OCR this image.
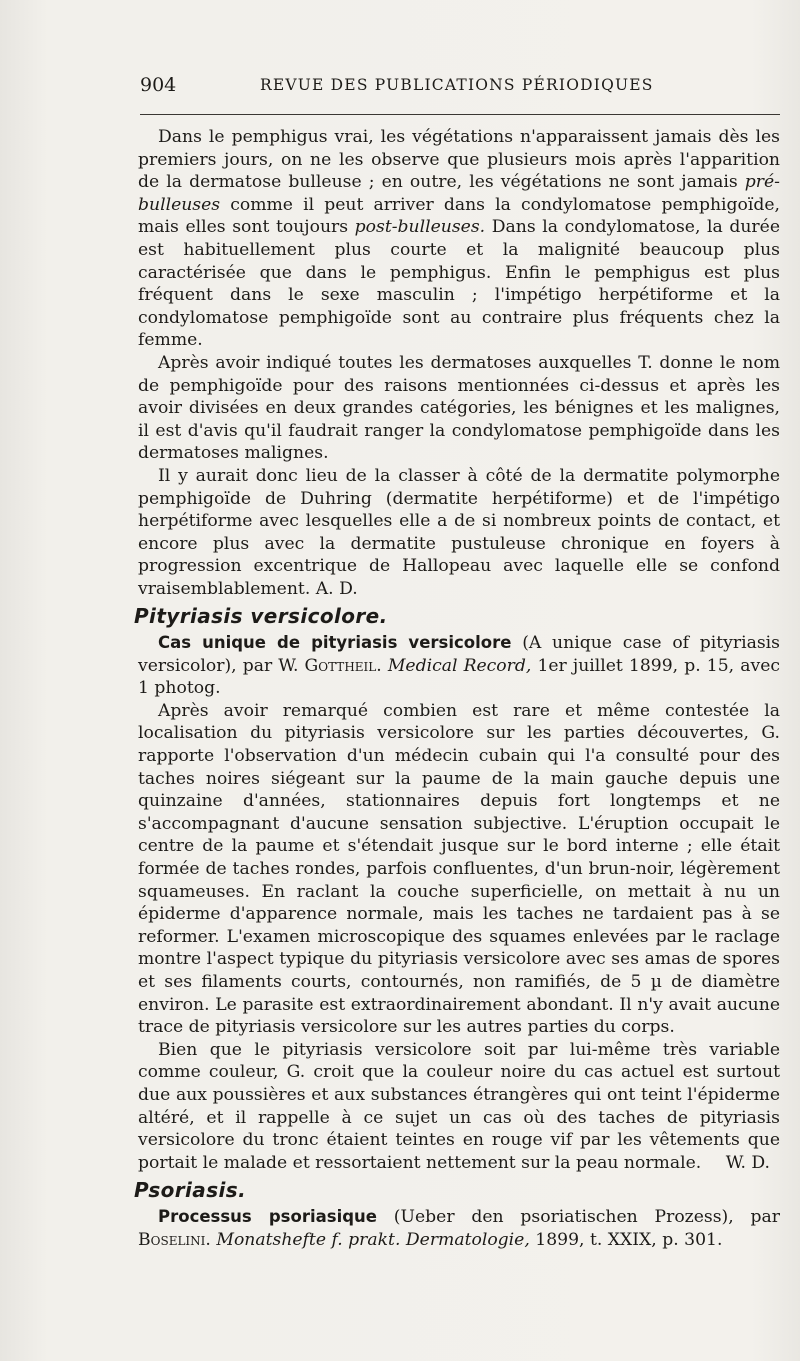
904	REVUE DES PUBLICATIONS PÉRIODIQUES

Dans le pemphigus vrai, les végétations n'apparaissent jamais dès les premiers jours, on ne les observe que plusieurs mois après l'apparition de la dermatose bulleuse ; en outre, les végétations ne sont jamais pré-bulleuses comme il peut arriver dans la condylomatose pemphigoïde, mais elles sont toujours post-bulleuses. Dans la condylomatose, la durée est habituellement plus courte et la malignité beaucoup plus caractérisée que dans le pemphigus. Enfin le pemphigus est plus fréquent dans le sexe masculin ; l'impétigo herpétiforme et la condylomatose pemphigoïde sont au contraire plus fréquents chez la femme.

Après avoir indiqué toutes les dermatoses auxquelles T. donne le nom de pemphigoïde pour des raisons mentionnées ci-dessus et après les avoir divisées en deux grandes catégories, les bénignes et les malignes, il est d'avis qu'il faudrait ranger la condylomatose pemphigoïde dans les dermatoses malignes.

Il y aurait donc lieu de la classer à côté de la dermatite polymorphe pemphigoïde de Duhring (dermatite herpétiforme) et de l'impétigo herpétiforme avec lesquelles elle a de si nombreux points de contact, et encore plus avec la dermatite pustuleuse chronique en foyers à progression excentrique de Hallopeau avec laquelle elle se confond vraisemblablement. A. D.

Pityriasis versicolore.

Cas unique de pityriasis versicolore (A unique case of pityriasis versicolor), par W. Gottheil. Medical Record, 1er juillet 1899, p. 15, avec 1 photog.

Après avoir remarqué combien est rare et même contestée la localisation du pityriasis versicolore sur les parties découvertes, G. rapporte l'observation d'un médecin cubain qui l'a consulté pour des taches noires siégeant sur la paume de la main gauche depuis une quinzaine d'années, stationnaires depuis fort longtemps et ne s'accompagnant d'aucune sensation subjective. L'éruption occupait le centre de la paume et s'étendait jusque sur le bord interne ; elle était formée de taches rondes, parfois confluentes, d'un brun-noir, légèrement squameuses. En raclant la couche superficielle, on mettait à nu un épiderme d'apparence normale, mais les taches ne tardaient pas à se reformer. L'examen microscopique des squames enlevées par le raclage montre l'aspect typique du pityriasis versicolore avec ses amas de spores et ses filaments courts, contournés, non ramifiés, de 5 µ de diamètre environ. Le parasite est extraordinairement abondant. Il n'y avait aucune trace de pityriasis versicolore sur les autres parties du corps.

Bien que le pityriasis versicolore soit par lui-même très variable comme couleur, G. croit que la couleur noire du cas actuel est surtout due aux poussières et aux substances étrangères qui ont teint l'épiderme altéré, et il rappelle à ce sujet un cas où des taches de pityriasis versicolore du tronc étaient teintes en rouge vif par les vêtements que portait le malade et ressortaient nettement sur la peau normale.	W. D.

Psoriasis.

Processus psoriasique (Ueber den psoriatischen Prozess), par Boselini. Monatshefte f. prakt. Dermatologie, 1899, t. XXIX, p. 301.
